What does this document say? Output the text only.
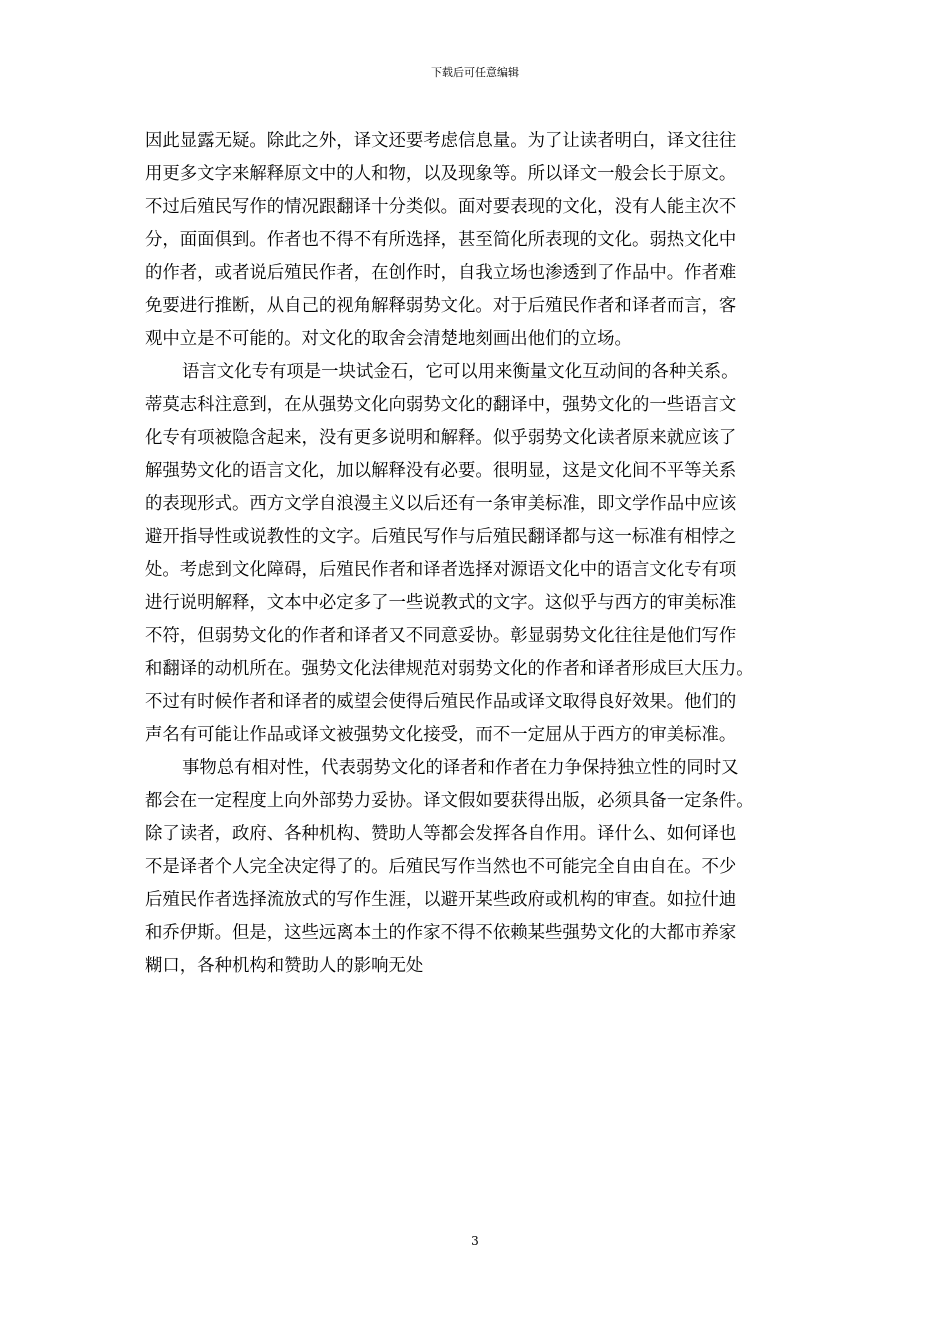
下载后可任意编辑
因此显露无疑。除此之外，译文还要考虑信息量。为了让读者明白，译文往往
用更多文字来解释原文中的人和物，以及现象等。所以译文一般会长于原文。
不过后殖民写作的情况跟翻译十分类似。面对要表现的文化，没有人能主次不
分，面面俱到。作者也不得不有所选择，甚至简化所表现的文化。弱热文化中
的作者，或者说后殖民作者，在创作时，自我立场也渗透到了作品中。作者难
免要进行推断，从自己的视角解释弱势文化。对于后殖民作者和译者而言，客
观中立是不可能的。对文化的取舍会清楚地刻画出他们的立场。
语言文化专有项是一块试金石，它可以用来衡量文化互动间的各种关系。
蒂莫志科注意到，在从强势文化向弱势文化的翻译中，强势文化的一些语言文
化专有项被隐含起来，没有更多说明和解释。似乎弱势文化读者原来就应该了
解强势文化的语言文化，加以解释没有必要。很明显，这是文化间不平等关系
的表现形式。西方文学自浪漫主义以后还有一条审美标准，即文学作品中应该
避开指导性或说教性的文字。后殖民写作与后殖民翻译都与这一标准有相悖之
处。考虑到文化障碍，后殖民作者和译者选择对源语文化中的语言文化专有项
进行说明解释，文本中必定多了一些说教式的文字。这似乎与西方的审美标准
不符，但弱势文化的作者和译者又不同意妥协。彰显弱势文化往往是他们写作
和翻译的动机所在。强势文化法律规范对弱势文化的作者和译者形成巨大压力。
不过有时候作者和译者的威望会使得后殖民作品或译文取得良好效果。他们的
声名有可能让作品或译文被强势文化接受，而不一定屈从于西方的审美标准。
事物总有相对性，代表弱势文化的译者和作者在力争保持独立性的同时又
都会在一定程度上向外部势力妥协。译文假如要获得出版，必须具备一定条件。
除了读者，政府、各种机构、赞助人等都会发挥各自作用。译什么、如何译也
不是译者个人完全决定得了的。后殖民写作当然也不可能完全自由自在。不少
后殖民作者选择流放式的写作生涯，以避开某些政府或机构的审查。如拉什迪
和乔伊斯。但是，这些远离本土的作家不得不依赖某些强势文化的大都市养家
糊口，各种机构和赞助人的影响无处
3
